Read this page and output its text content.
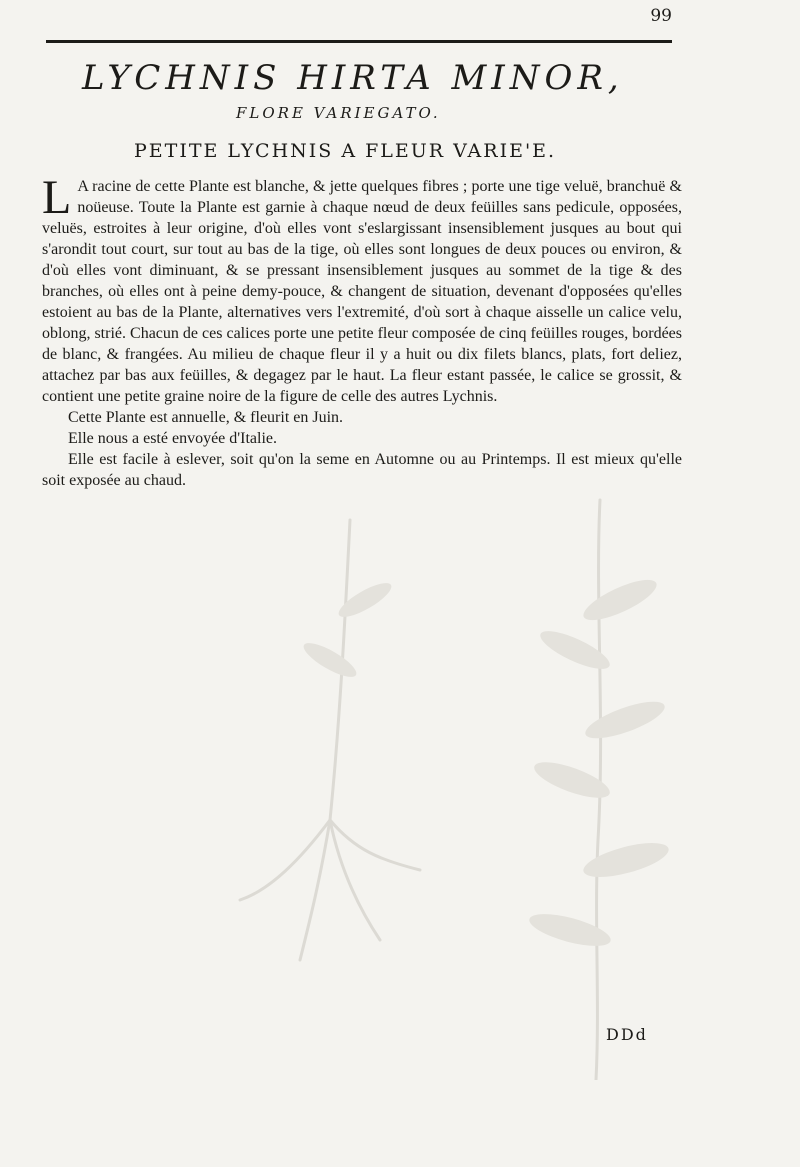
99
LYCHNIS HIRTA MINOR,
FLORE VARIEGATO.
PETITE LYCHNIS A FLEUR VARIE'E.

L A racine de cette Plante est blanche, & jette quelques fibres ; porte une tige veluë, branchuë & noüeuse. Toute la Plante est garnie à chaque nœud de deux feüilles sans pedicule, opposées, veluës, estroites à leur origine, d'où elles vont s'eslargissant insensiblement jusques au bout qui s'arondit tout court, sur tout au bas de la tige, où elles sont longues de deux pouces ou environ, & d'où elles vont diminuant, & se pressant insensiblement jusques au sommet de la tige & des branches, où elles ont à peine demy-pouce, & changent de situation, devenant d'opposées qu'elles estoient au bas de la Plante, alternatives vers l'extremité, d'où sort à chaque aisselle un calice velu, oblong, strié. Chacun de ces calices porte une petite fleur composée de cinq feüilles rouges, bordées de blanc, & frangées. Au milieu de chaque fleur il y a huit ou dix filets blancs, plats, fort deliez, attachez par bas aux feüilles, & degagez par le haut. La fleur estant passée, le calice se grossit, & contient une petite graine noire de la figure de celle des autres Lychnis.

Cette Plante est annuelle, & fleurit en Juin.

Elle nous a esté envoyée d'Italie.

Elle est facile à eslever, soit qu'on la seme en Automne ou au Printemps. Il est mieux qu'elle soit exposée au chaud.

DDd
